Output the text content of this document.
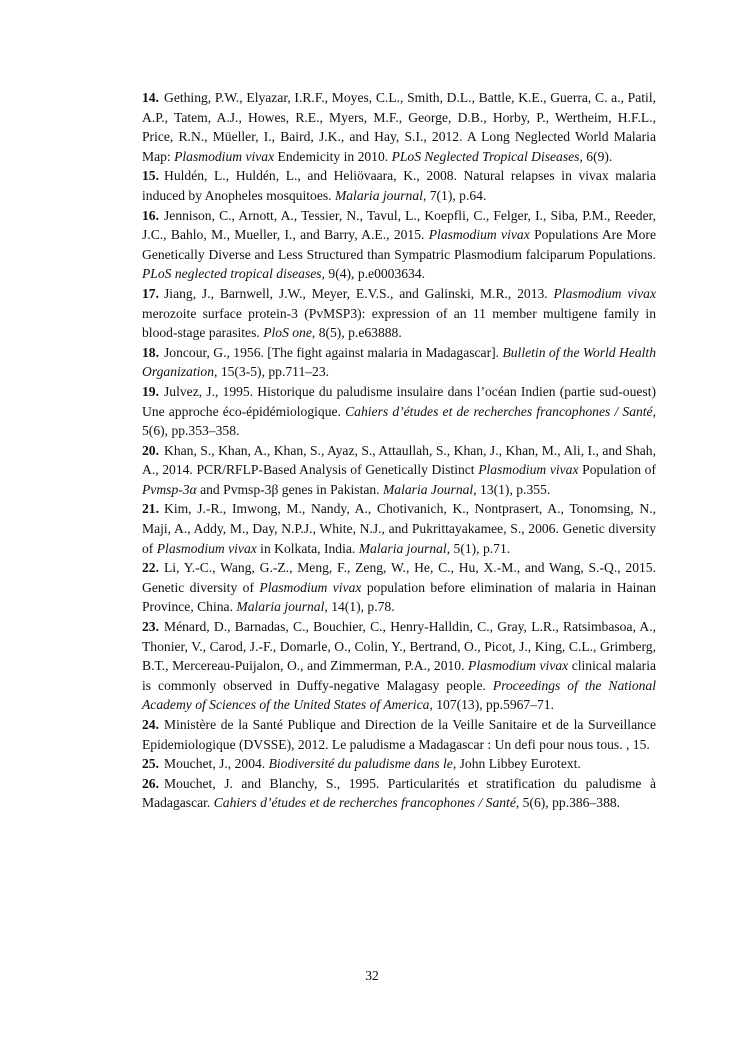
14. Gething, P.W., Elyazar, I.R.F., Moyes, C.L., Smith, D.L., Battle, K.E., Guerra, C. a., Patil, A.P., Tatem, A.J., Howes, R.E., Myers, M.F., George, D.B., Horby, P., Wertheim, H.F.L., Price, R.N., Müeller, I., Baird, J.K., and Hay, S.I., 2012. A Long Neglected World Malaria Map: Plasmodium vivax Endemicity in 2010. PLoS Neglected Tropical Diseases, 6(9).

15. Huldén, L., Huldén, L., and Heliövaara, K., 2008. Natural relapses in vivax malaria induced by Anopheles mosquitoes. Malaria journal, 7(1), p.64.

16. Jennison, C., Arnott, A., Tessier, N., Tavul, L., Koepfli, C., Felger, I., Siba, P.M., Reeder, J.C., Bahlo, M., Mueller, I., and Barry, A.E., 2015. Plasmodium vivax Populations Are More Genetically Diverse and Less Structured than Sympatric Plasmodium falciparum Populations. PLoS neglected tropical diseases, 9(4), p.e0003634.

17. Jiang, J., Barnwell, J.W., Meyer, E.V.S., and Galinski, M.R., 2013. Plasmodium vivax merozoite surface protein-3 (PvMSP3): expression of an 11 member multigene family in blood-stage parasites. PloS one, 8(5), p.e63888.

18. Joncour, G., 1956. [The fight against malaria in Madagascar]. Bulletin of the World Health Organization, 15(3-5), pp.711–23.

19. Julvez, J., 1995. Historique du paludisme insulaire dans l’océan Indien (partie sud-ouest) Une approche éco-épidémiologique. Cahiers d’études et de recherches francophones / Santé, 5(6), pp.353–358.

20. Khan, S., Khan, A., Khan, S., Ayaz, S., Attaullah, S., Khan, J., Khan, M., Ali, I., and Shah, A., 2014. PCR/RFLP-Based Analysis of Genetically Distinct Plasmodium vivax Population of Pvmsp-3α and Pvmsp-3β genes in Pakistan. Malaria Journal, 13(1), p.355.

21. Kim, J.-R., Imwong, M., Nandy, A., Chotivanich, K., Nontprasert, A., Tonomsing, N., Maji, A., Addy, M., Day, N.P.J., White, N.J., and Pukrittayakamee, S., 2006. Genetic diversity of Plasmodium vivax in Kolkata, India. Malaria journal, 5(1), p.71.

22. Li, Y.-C., Wang, G.-Z., Meng, F., Zeng, W., He, C., Hu, X.-M., and Wang, S.-Q., 2015. Genetic diversity of Plasmodium vivax population before elimination of malaria in Hainan Province, China. Malaria journal, 14(1), p.78.

23. Ménard, D., Barnadas, C., Bouchier, C., Henry-Halldin, C., Gray, L.R., Ratsimbasoa, A., Thonier, V., Carod, J.-F., Domarle, O., Colin, Y., Bertrand, O., Picot, J., King, C.L., Grimberg, B.T., Mercereau-Puijalon, O., and Zimmerman, P.A., 2010. Plasmodium vivax clinical malaria is commonly observed in Duffy-negative Malagasy people. Proceedings of the National Academy of Sciences of the United States of America, 107(13), pp.5967–71.

24. Ministère de la Santé Publique and Direction de la Veille Sanitaire et de la Surveillance Epidemiologique (DVSSE), 2012. Le paludisme a Madagascar : Un defi pour nous tous. , 15.

25. Mouchet, J., 2004. Biodiversité du paludisme dans le, John Libbey Eurotext.

26. Mouchet, J. and Blanchy, S., 1995. Particularités et stratification du paludisme à Madagascar. Cahiers d’études et de recherches francophones / Santé, 5(6), pp.386–388.

32
